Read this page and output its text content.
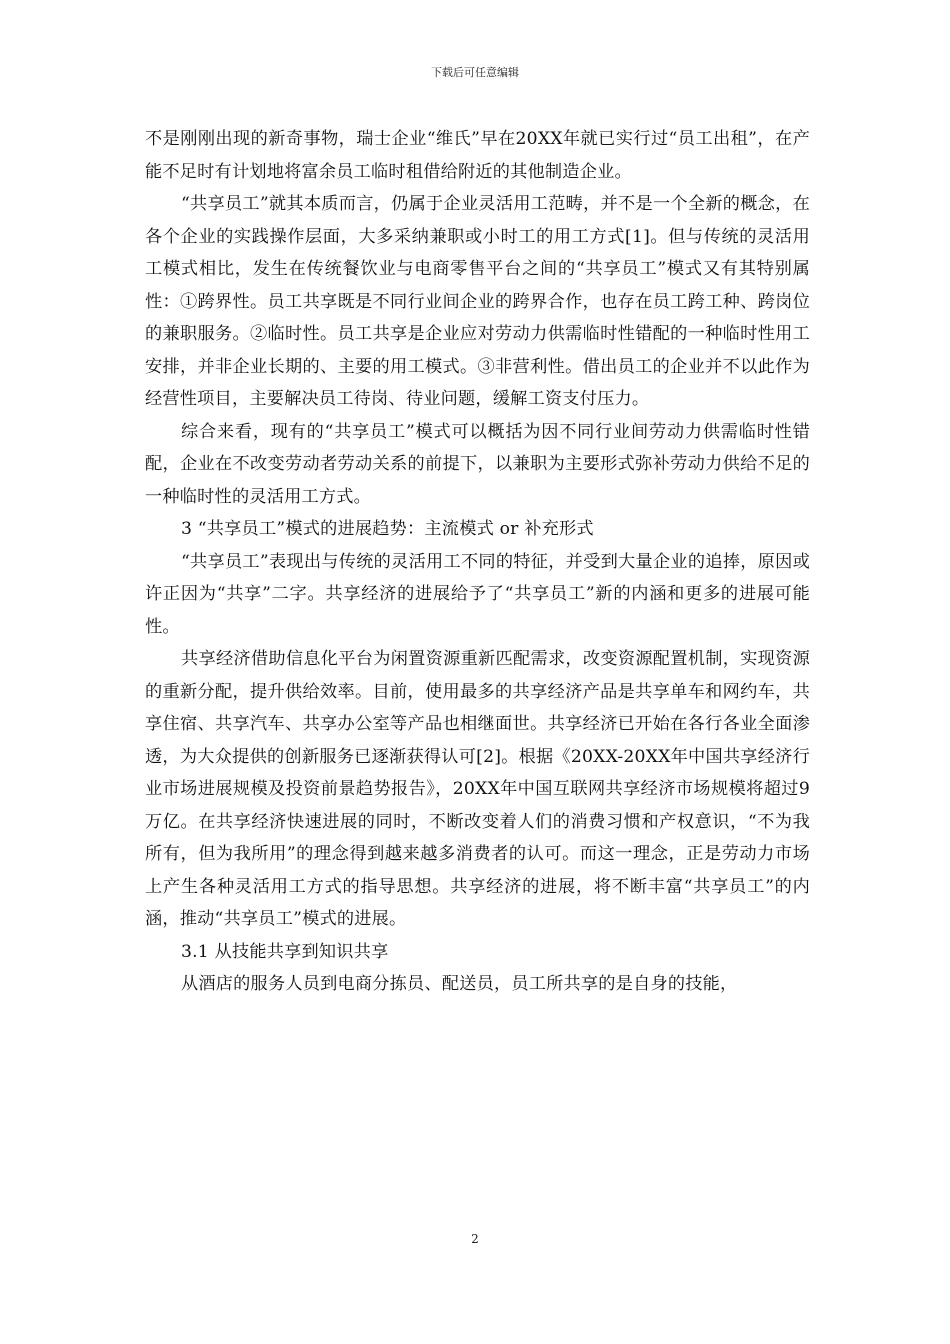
下载后可任意编辑

不是刚刚出现的新奇事物，瑞士企业“维氏”早在20XX年就已实行过“员工出租”，在产能不足时有计划地将富余员工临时租借给附近的其他制造企业。

“共享员工”就其本质而言，仍属于企业灵活用工范畴，并不是一个全新的概念，在各个企业的实践操作层面，大多采纳兼职或小时工的用工方式[1]。但与传统的灵活用工模式相比，发生在传统餐饮业与电商零售平台之间的“共享员工”模式又有其特别属性：①跨界性。员工共享既是不同行业间企业的跨界合作，也存在员工跨工种、跨岗位的兼职服务。②临时性。员工共享是企业应对劳动力供需临时性错配的一种临时性用工安排，并非企业长期的、主要的用工模式。③非营利性。借出员工的企业并不以此作为经营性项目，主要解决员工待岗、待业问题，缓解工资支付压力。

综合来看，现有的“共享员工”模式可以概括为因不同行业间劳动力供需临时性错配，企业在不改变劳动者劳动关系的前提下，以兼职为主要形式弥补劳动力供给不足的一种临时性的灵活用工方式。

3 “共享员工”模式的进展趋势：主流模式 or 补充形式

“共享员工”表现出与传统的灵活用工不同的特征，并受到大量企业的追捧，原因或许正因为“共享”二字。共享经济的进展给予了“共享员工”新的内涵和更多的进展可能性。

共享经济借助信息化平台为闲置资源重新匹配需求，改变资源配置机制，实现资源的重新分配，提升供给效率。目前，使用最多的共享经济产品是共享单车和网约车，共享住宿、共享汽车、共享办公室等产品也相继面世。共享经济已开始在各行各业全面渗透，为大众提供的创新服务已逐渐获得认可[2]。根据《20XX-20XX年中国共享经济行业市场进展规模及投资前景趋势报告》，20XX年中国互联网共享经济市场规模将超过9万亿。在共享经济快速进展的同时，不断改变着人们的消费习惯和产权意识，“不为我所有，但为我所用”的理念得到越来越多消费者的认可。而这一理念，正是劳动力市场上产生各种灵活用工方式的指导思想。共享经济的进展，将不断丰富“共享员工”的内涵，推动“共享员工”模式的进展。

3.1 从技能共享到知识共享

从酒店的服务人员到电商分拣员、配送员，员工所共享的是自身的技能，

2
